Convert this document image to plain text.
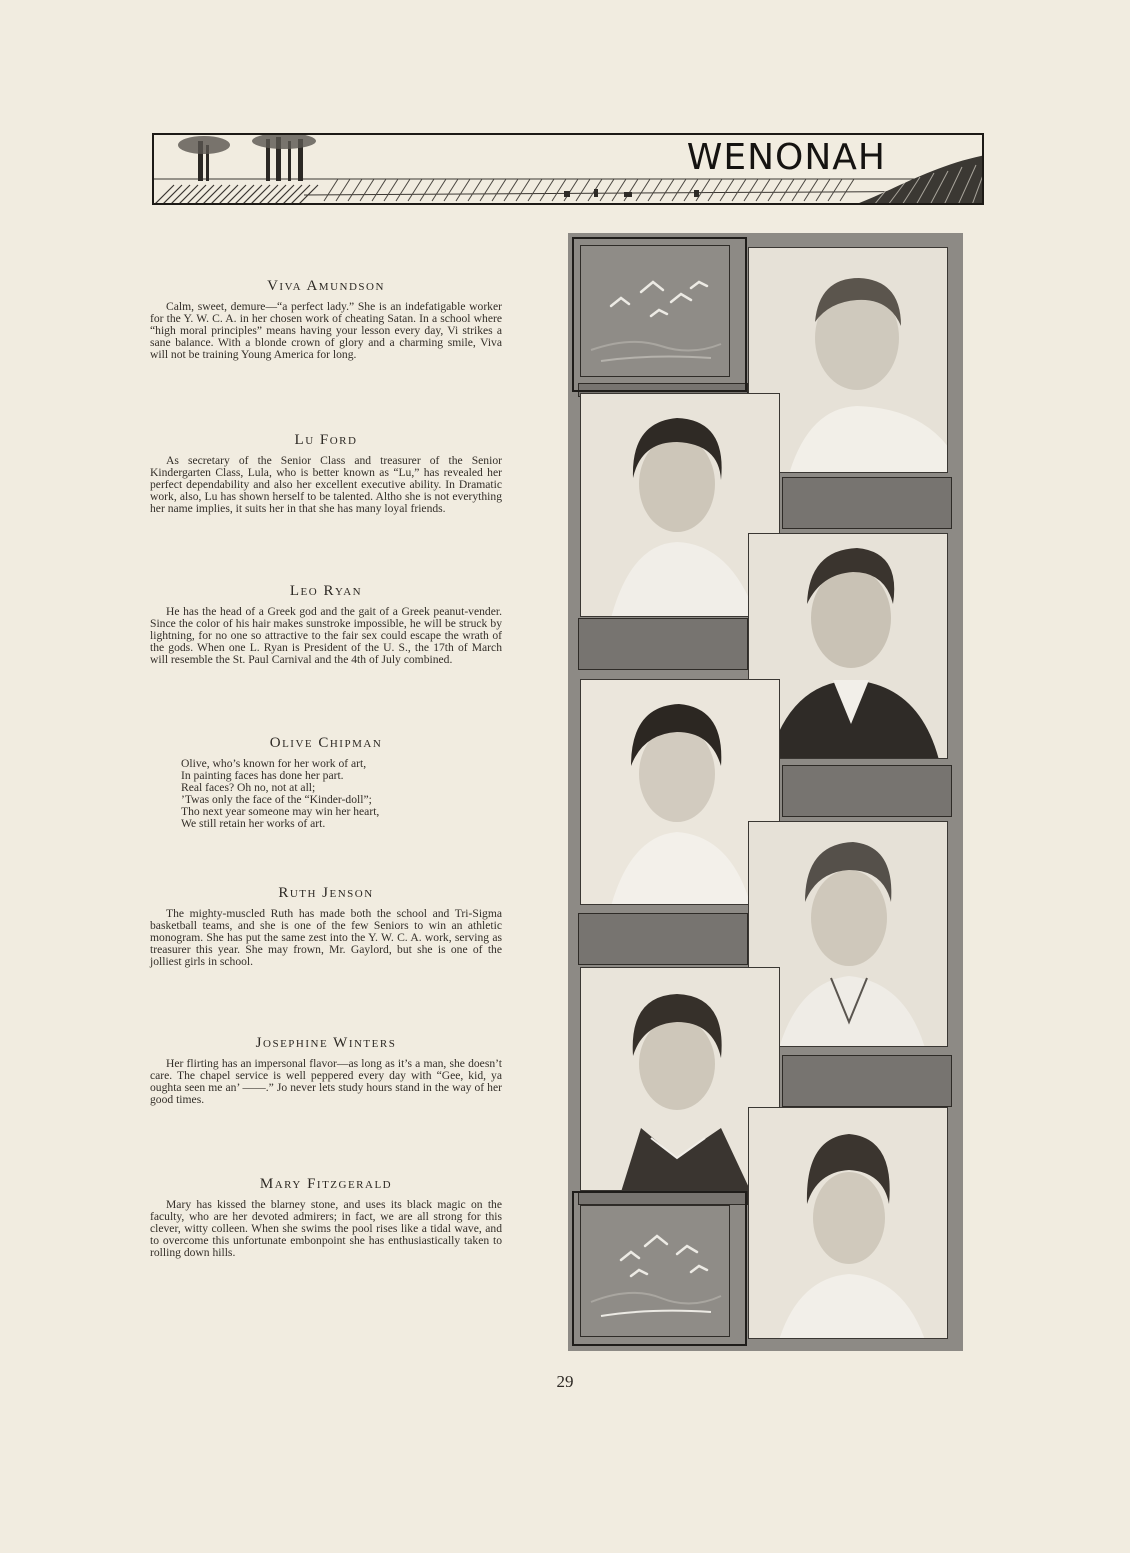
WENONAH
Viva Amundson

Calm, sweet, demure—“a perfect lady.” She is an indefatigable worker for the Y. W. C. A. in her chosen work of cheating Satan. In a school where “high moral principles” means having your lesson every day, Vi strikes a sane balance. With a blonde crown of glory and a charming smile, Viva will not be training Young America for long.

Lu Ford

As secretary of the Senior Class and treasurer of the Senior Kindergarten Class, Lula, who is better known as “Lu,” has revealed her perfect dependability and also her excellent executive ability. In Dramatic work, also, Lu has shown herself to be talented. Altho she is not everything her name implies, it suits her in that she has many loyal friends.

Leo Ryan

He has the head of a Greek god and the gait of a Greek peanut-vender. Since the color of his hair makes sunstroke impossible, he will be struck by lightning, for no one so attractive to the fair sex could escape the wrath of the gods. When one L. Ryan is President of the U. S., the 17th of March will resemble the St. Paul Carnival and the 4th of July combined.

Olive Chipman
Olive, who’s known for her work of art,
In painting faces has done her part.
Real faces? Oh no, not at all;
’Twas only the face of the “Kinder-doll”;
Tho next year someone may win her heart,
We still retain her works of art.
Ruth Jenson

The mighty-muscled Ruth has made both the school and Tri-Sigma basketball teams, and she is one of the few Seniors to win an athletic monogram. She has put the same zest into the Y. W. C. A. work, serving as treasurer this year. She may frown, Mr. Gaylord, but she is one of the jolliest girls in school.

Josephine Winters

Her flirting has an impersonal flavor—as long as it’s a man, she doesn’t care. The chapel service is well peppered every day with “Gee, kid, ya oughta seen me an’ ——.” Jo never lets study hours stand in the way of her good times.

Mary Fitzgerald

Mary has kissed the blarney stone, and uses its black magic on the faculty, who are her devoted admirers; in fact, we are all strong for this clever, witty colleen. When she swims the pool rises like a tidal wave, and to overcome this unfortunate embonpoint she has enthusiastically taken to rolling down hills.

29
